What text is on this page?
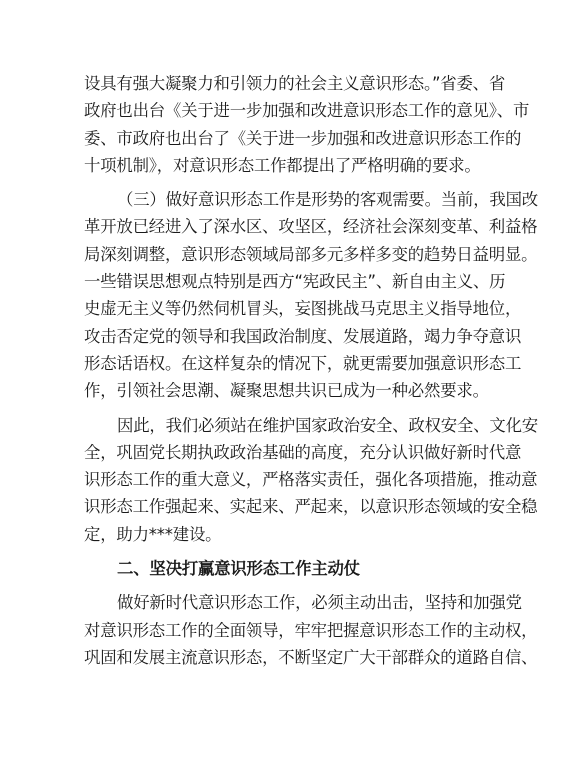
设具有强大凝聚力和引领力的社会主义意识形态。”省委、省
政府也出台《关于进一步加强和改进意识形态工作的意见》、市
委、市政府也出台了《关于进一步加强和改进意识形态工作的
十项机制》，对意识形态工作都提出了严格明确的要求。
（三）做好意识形态工作是形势的客观需要。当前，我国改
革开放已经进入了深水区、攻坚区，经济社会深刻变革、利益格
局深刻调整，意识形态领域局部多元多样多变的趋势日益明显。
一些错误思想观点特别是西方“宪政民主”、新自由主义、历
史虚无主义等仍然伺机冒头，妄图挑战马克思主义指导地位，
攻击否定党的领导和我国政治制度、发展道路，竭力争夺意识
形态话语权。在这样复杂的情况下，就更需要加强意识形态工
作，引领社会思潮、凝聚思想共识已成为一种必然要求。
因此，我们必须站在维护国家政治安全、政权安全、文化安
全，巩固党长期执政政治基础的高度，充分认识做好新时代意
识形态工作的重大意义，严格落实责任，强化各项措施，推动意
识形态工作强起来、实起来、严起来，以意识形态领域的安全稳
定，助力***建设。
二、坚决打赢意识形态工作主动仗
做好新时代意识形态工作，必须主动出击，坚持和加强党
对意识形态工作的全面领导，牢牢把握意识形态工作的主动权，
巩固和发展主流意识形态，不断坚定广大干部群众的道路自信、
